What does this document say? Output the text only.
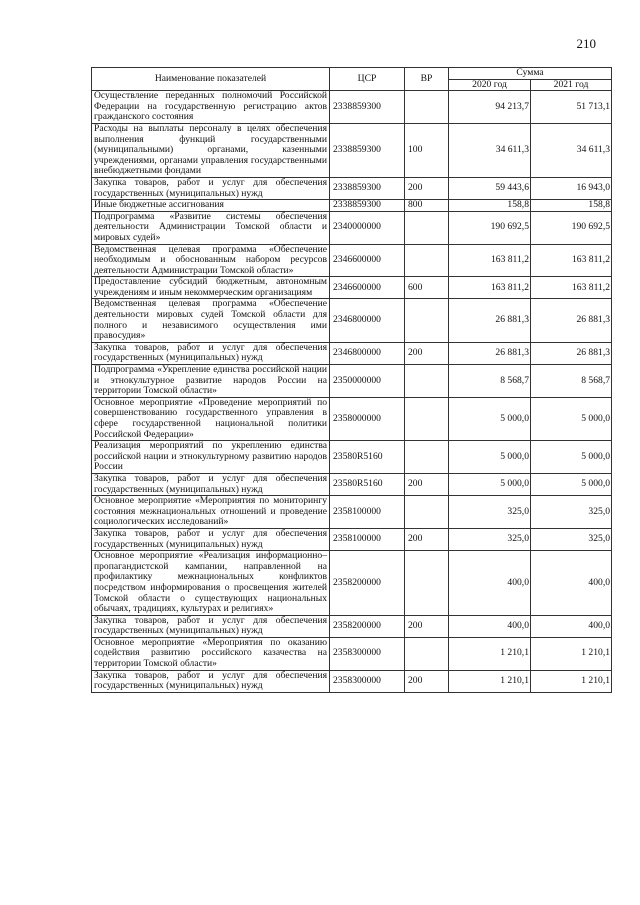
210
Наименование показателей	ЦСР	ВР	Сумма	
			2020 год	2021 год
Осуществление переданных полномочий Российской Федерации на государственную регистрацию актов гражданского состояния	2338859300		94 213,7	51 713,1
Расходы на выплаты персоналу в целях обеспечения выполнения функций государственными (муниципальными) органами, казенными учреждениями, органами управления государственными внебюджетными фондами	2338859300	100	34 611,3	34 611,3
Закупка товаров, работ и услуг для обеспечения государственных (муниципальных) нужд	2338859300	200	59 443,6	16 943,0
Иные бюджетные ассигнования	2338859300	800	158,8	158,8
Подпрограмма «Развитие системы обеспечения деятельности Администрации Томской области и мировых судей»	2340000000		190 692,5	190 692,5
Ведомственная целевая программа «Обеспечение необходимым и обоснованным набором ресурсов деятельности Администрации Томской области»	2346600000		163 811,2	163 811,2
Предоставление субсидий бюджетным, автономным учреждениям и иным некоммерческим организациям	2346600000	600	163 811,2	163 811,2
Ведомственная целевая программа «Обеспечение деятельности мировых судей Томской области для полного и независимого осуществления ими правосудия»	2346800000		26 881,3	26 881,3
Закупка товаров, работ и услуг для обеспечения государственных (муниципальных) нужд	2346800000	200	26 881,3	26 881,3
Подпрограмма «Укрепление единства российской нации и этнокультурное развитие народов России на территории Томской области»	2350000000		8 568,7	8 568,7
Основное мероприятие «Проведение мероприятий по совершенствованию государственного управления в сфере государственной национальной политики Российской Федерации»	2358000000		5 000,0	5 000,0
Реализация мероприятий по укреплению единства российской нации и этнокультурному развитию народов России	23580R5160		5 000,0	5 000,0
Закупка товаров, работ и услуг для обеспечения государственных (муниципальных) нужд	23580R5160	200	5 000,0	5 000,0
Основное мероприятие «Мероприятия по мониторингу состояния межнациональных отношений и проведение социологических исследований»	2358100000		325,0	325,0
Закупка товаров, работ и услуг для обеспечения государственных (муниципальных) нужд	2358100000	200	325,0	325,0
Основное мероприятие «Реализация информационно–пропагандистской кампании, направленной на профилактику межнациональных конфликтов посредством информирования о просвещения жителей Томской области о существующих национальных обычаях, традициях, культурах и религиях»	2358200000		400,0	400,0
Закупка товаров, работ и услуг для обеспечения государственных (муниципальных) нужд	2358200000	200	400,0	400,0
Основное мероприятие «Мероприятия по оказанию содействия развитию российского казачества на территории Томской области»	2358300000		1 210,1	1 210,1
Закупка товаров, работ и услуг для обеспечения государственных (муниципальных) нужд	2358300000	200	1 210,1	1 210,1
